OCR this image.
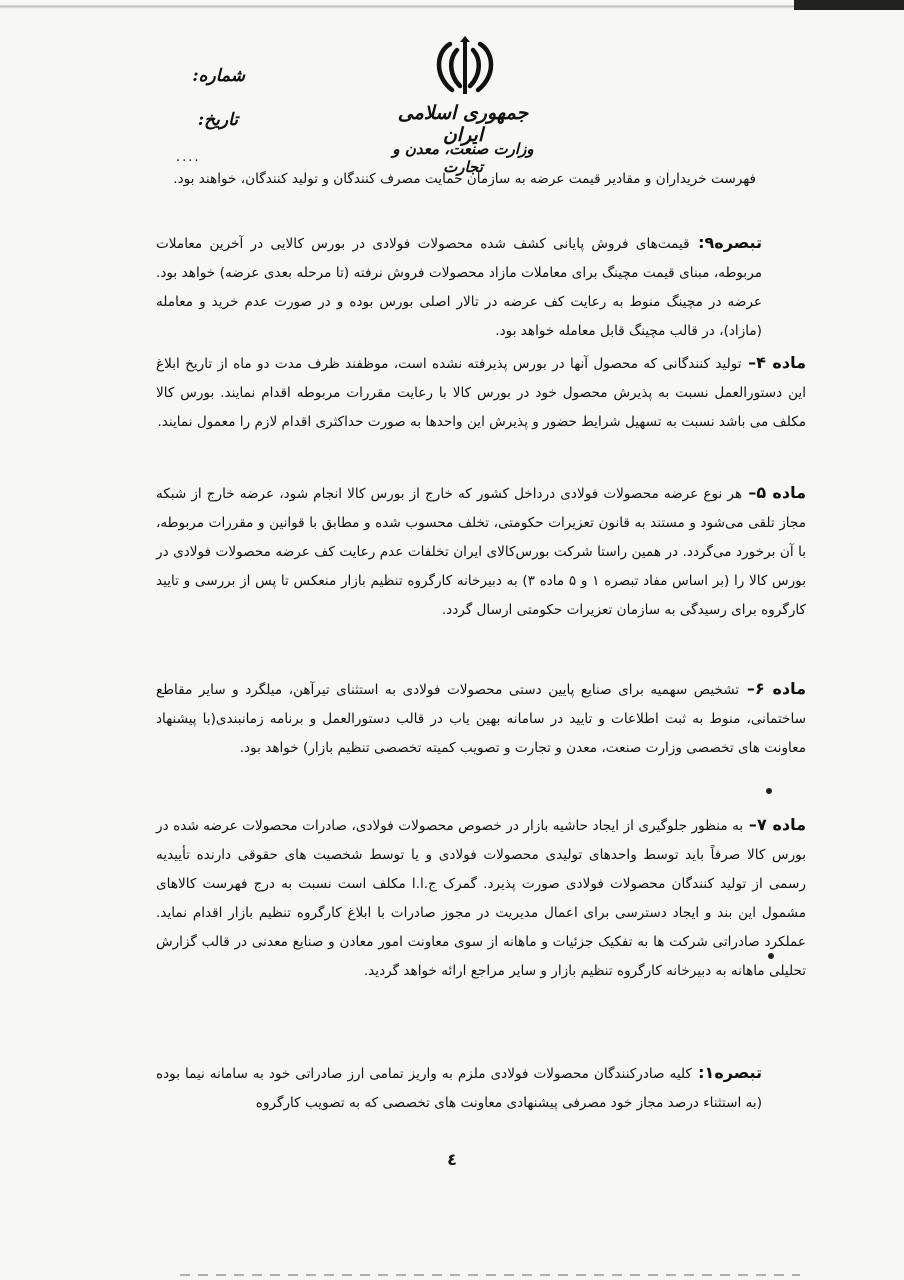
جمهوری اسلامی ایران
وزارت صنعت، معدن و تجارت
شماره:
تاریخ:
....
فهرست خریداران و مقادیر قیمت عرضه به سازمان حمایت مصرف کنندگان و تولید کنندگان، خواهند بود.
تبصره۹: قیمت‌های فروش پایانی کشف شده محصولات فولادی در بورس کالایی در آخرین معاملات مربوطه، مبنای قیمت مچینگ برای معاملات مازاد محصولات فروش نرفته (تا مرحله بعدی عرضه) خواهد بود. عرضه در مچینگ منوط به رعایت کف عرضه در تالار اصلی بورس بوده و در صورت عدم خرید و معامله (مازاد)، در قالب مچینگ قابل معامله خواهد بود.
ماده ۴– تولید کنندگانی که محصول آنها در بورس پذیرفته نشده است، موظفند ظرف مدت دو ماه از تاریخ ابلاغ این دستورالعمل نسبت به پذیرش محصول خود در بورس کالا با رعایت مقررات مربوطه اقدام نمایند. بورس کالا مکلف می باشد نسبت به تسهیل شرایط حضور و پذیرش این واحدها به صورت حداکثری اقدام لازم را معمول نمایند.
ماده ۵– هر نوع عرضه محصولات فولادی درداخل کشور که خارج از بورس کالا انجام شود، عرضه خارج از شبکه مجاز تلقی می‌شود و مستند به قانون تعزیرات حکومتی، تخلف محسوب شده و مطابق با قوانین و مقررات مربوطه، با آن برخورد می‌گردد. در همین راستا شرکت بورس‌کالای ایران تخلفات عدم رعایت کف عرضه محصولات فولادی در بورس کالا را (بر اساس مفاد تبصره ۱ و ۵ ماده ۳) به دبیرخانه کارگروه تنظیم بازار منعکس تا پس از بررسی و تایید کارگروه برای رسیدگی به سازمان تعزیرات حکومتی ارسال گردد.
ماده ۶– تشخیص سهمیه برای صنایع پایین دستی محصولات فولادی به استثنای تیرآهن، میلگرد و سایر مقاطع ساختمانی، منوط به ثبت اطلاعات و تایید در سامانه بهین یاب در قالب دستورالعمل و برنامه زمانبندی(با پیشنهاد معاونت های تخصصی وزارت صنعت، معدن و تجارت و تصویب کمیته تخصصی تنظیم بازار) خواهد بود.
ماده ۷– به منظور جلوگیری از ایجاد حاشیه بازار در خصوص محصولات فولادی، صادرات محصولات عرضه شده در بورس کالا صرفاً باید توسط واحدهای تولیدی محصولات فولادی و یا توسط شخصیت های حقوقی دارنده تأییدیه رسمی از تولید کنندگان محصولات فولادی صورت پذیرد. گمرک ج.ا.ا مکلف است نسبت به درج فهرست کالاهای مشمول این بند و ایجاد دسترسی برای اعمال مدیریت در مجوز صادرات با ابلاغ کارگروه تنظیم بازار اقدام نماید. عملکرد صادراتی شرکت ها به تفکیک جزئیات و ماهانه از سوی معاونت امور معادن و صنایع معدنی در قالب گزارش تحلیلی ماهانه به دبیرخانه کارگروه تنظیم بازار و سایر مراجع ارائه خواهد گردید.
تبصره۱: کلیه صادرکنندگان محصولات فولادی ملزم به واریز تمامی ارز صادراتی خود به سامانه نیما بوده (به استثناء درصد مجاز خود مصرفی پیشنهادی معاونت های تخصصی که به تصویب کارگروه
٤
